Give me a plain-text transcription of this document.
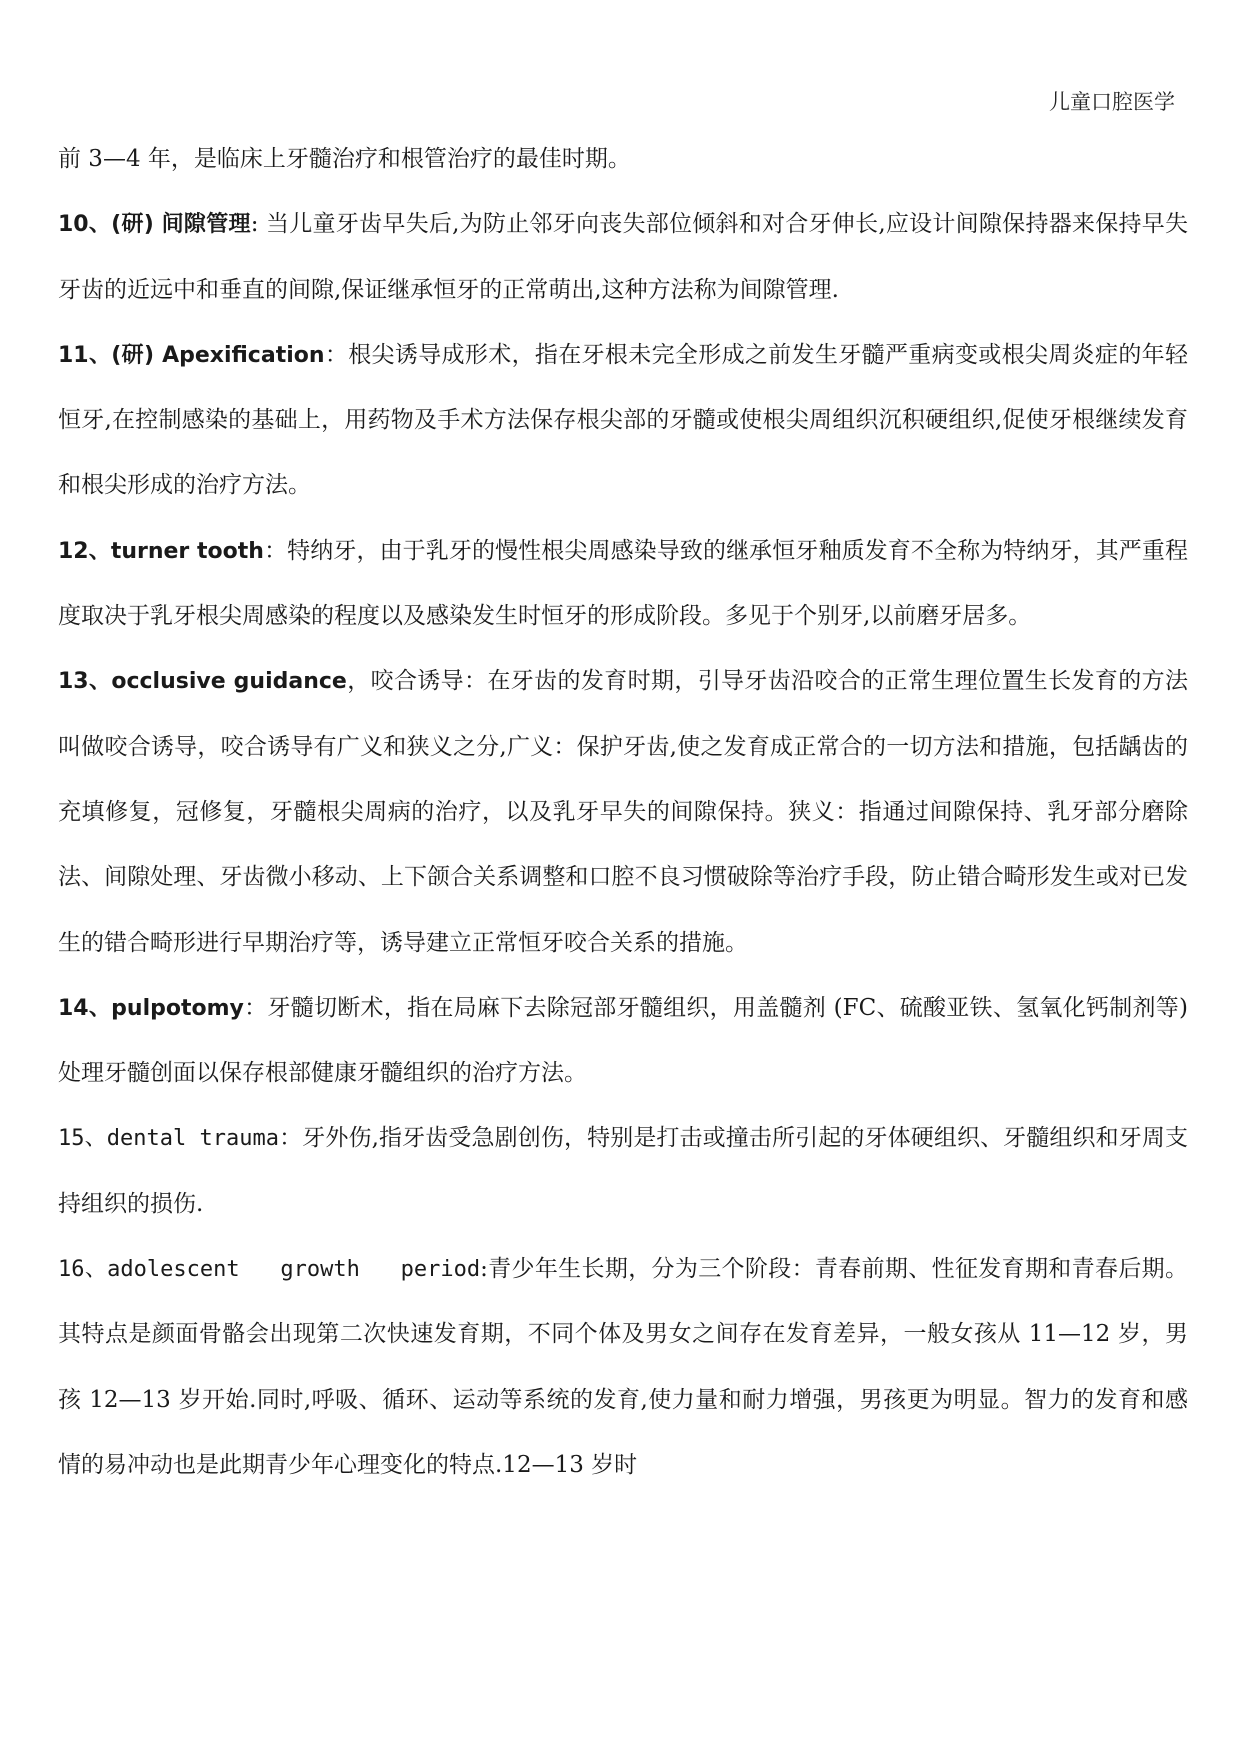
儿童口腔医学

前 3—4 年，是临床上牙髓治疗和根管治疗的最佳时期。

10、(研) 间隙管理: 当儿童牙齿早失后,为防止邻牙向丧失部位倾斜和对合牙伸长,应设计间隙保持器来保持早失牙齿的近远中和垂直的间隙,保证继承恒牙的正常萌出,这种方法称为间隙管理.

11、(研) Apexification：根尖诱导成形术，指在牙根未完全形成之前发生牙髓严重病变或根尖周炎症的年轻恒牙,在控制感染的基础上，用药物及手术方法保存根尖部的牙髓或使根尖周组织沉积硬组织,促使牙根继续发育和根尖形成的治疗方法。

12、turner tooth：特纳牙，由于乳牙的慢性根尖周感染导致的继承恒牙釉质发育不全称为特纳牙，其严重程度取决于乳牙根尖周感染的程度以及感染发生时恒牙的形成阶段。多见于个别牙,以前磨牙居多。

13、occlusive guidance，咬合诱导：在牙齿的发育时期，引导牙齿沿咬合的正常生理位置生长发育的方法叫做咬合诱导，咬合诱导有广义和狭义之分,广义：保护牙齿,使之发育成正常合的一切方法和措施，包括龋齿的充填修复，冠修复，牙髓根尖周病的治疗，以及乳牙早失的间隙保持。狭义：指通过间隙保持、乳牙部分磨除法、间隙处理、牙齿微小移动、上下颌合关系调整和口腔不良习惯破除等治疗手段，防止错合畸形发生或对已发生的错合畸形进行早期治疗等，诱导建立正常恒牙咬合关系的措施。

14、pulpotomy：牙髓切断术，指在局麻下去除冠部牙髓组织，用盖髓剂 (FC、硫酸亚铁、氢氧化钙制剂等)处理牙髓创面以保存根部健康牙髓组织的治疗方法。

15、dental trauma：牙外伤,指牙齿受急剧创伤，特别是打击或撞击所引起的牙体硬组织、牙髓组织和牙周支持组织的损伤.

16、adolescent   growth   period:青少年生长期，分为三个阶段：青春前期、性征发育期和青春后期。其特点是颜面骨骼会出现第二次快速发育期，不同个体及男女之间存在发育差异，一般女孩从 11—12 岁，男孩 12—13 岁开始.同时,呼吸、循环、运动等系统的发育,使力量和耐力增强，男孩更为明显。智力的发育和感情的易冲动也是此期青少年心理变化的特点.12—13 岁时
